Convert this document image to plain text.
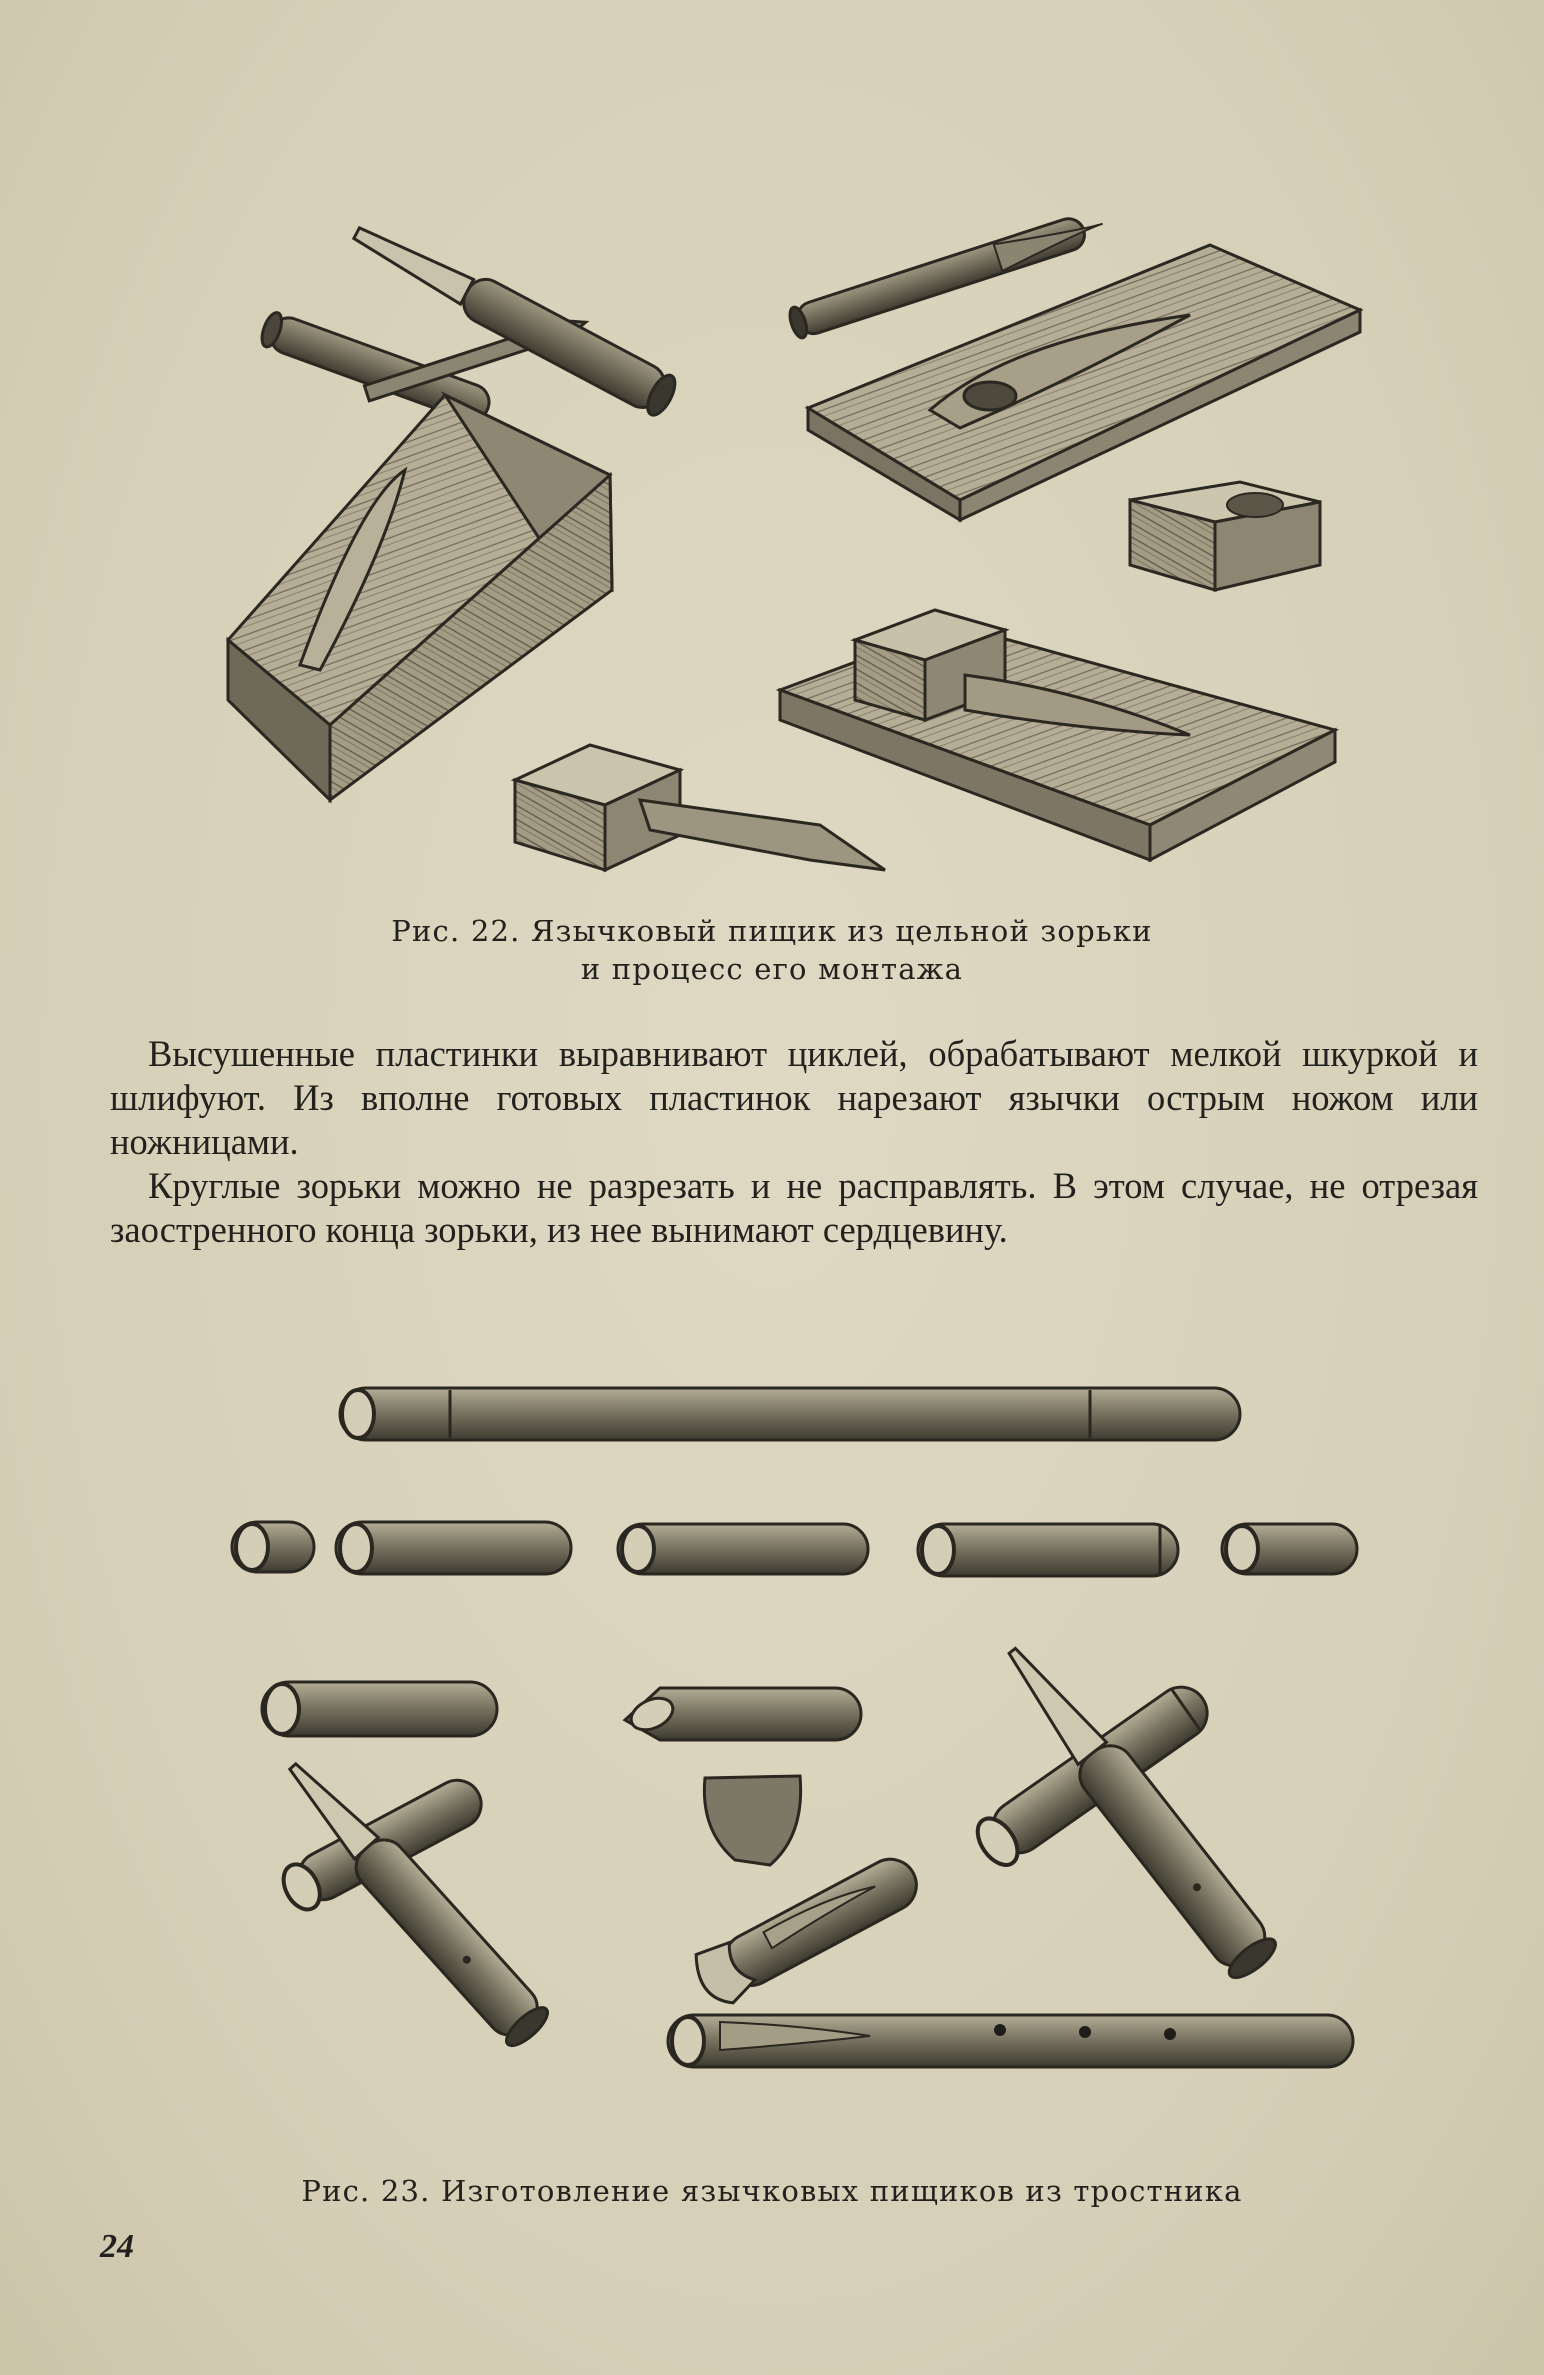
Рис. 22. Язычковый пищик из цельной зорьки
и процесс его монтажа

Высушенные пластинки выравнивают циклей, обрабатывают мелкой шкуркой и шлифуют. Из вполне готовых пластинок нарезают язычки острым ножом или ножницами.

Круглые зорьки можно не разрезать и не расправлять. В этом случае, не отрезая заостренного конца зорьки, из нее вынимают сердцевину.

Рис. 23. Изготовление язычковых пищиков из тростника
24
